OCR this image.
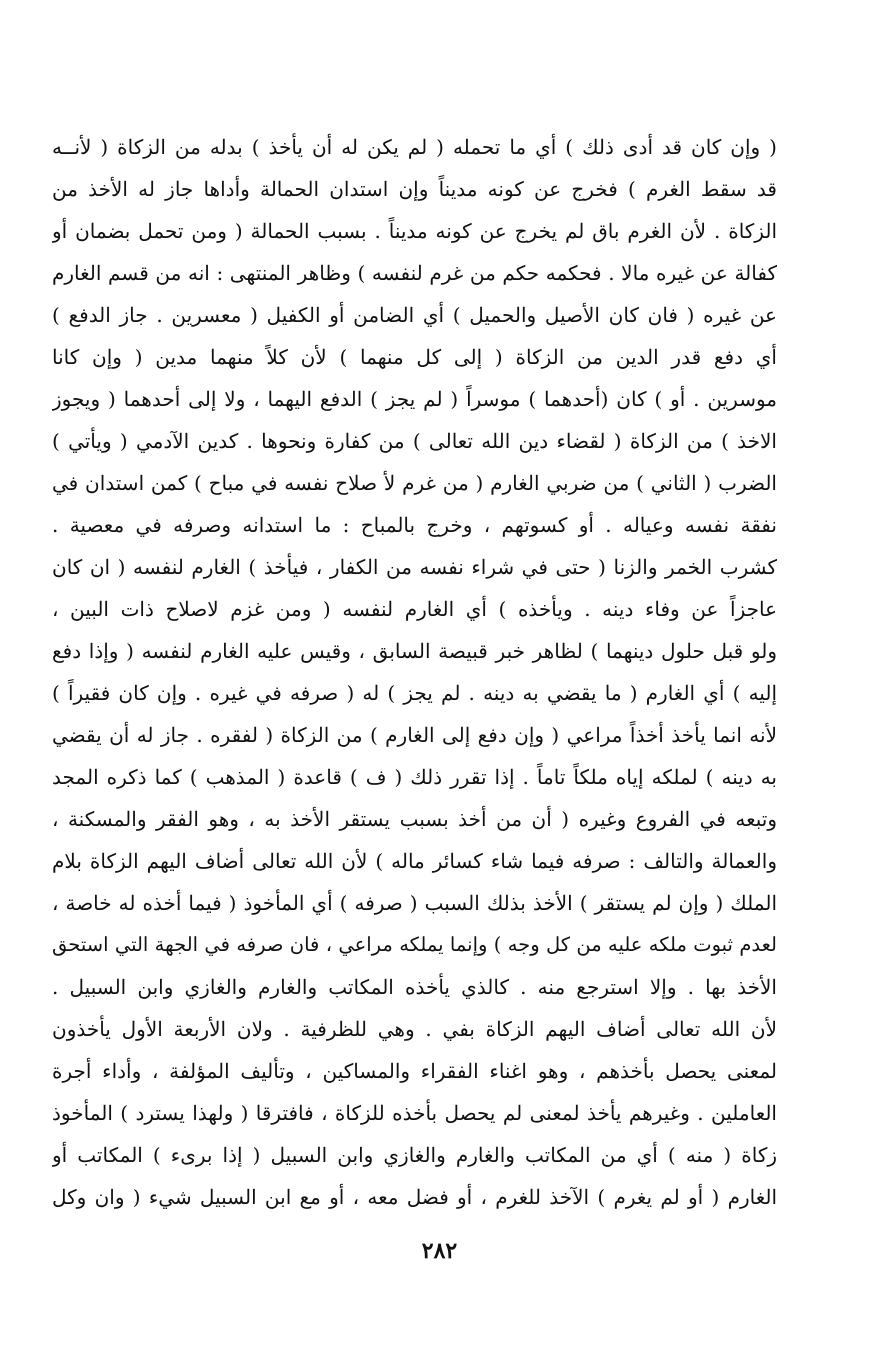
( وإن كان قد أدى ذلك ) أي ما تحمله ( لم يكن له أن يأخذ ) بدله من الزكاة ( لأنــه
قد سقط الغرم ) فخرج عن كونه مديناً وإن استدان الحمالة وأداها جاز له الأخذ من
الزكاة . لأن الغرم باق لم يخرج عن كونه مديناً . بسبب الحمالة ( ومن تحمل بضمان أو
كفالة عن غيره مالا . فحكمه حكم من غرم لنفسه ) وظاهر المنتهى : انه من قسم الغارم
عن غيره ( فان كان الأصيل والحميل ) أي الضامن أو الكفيل ( معسرين . جاز الدفع )
أي دفع قدر الدين من الزكاة ( إلى كل منهما ) لأن كلاً منهما مدين ( وإن كانا
موسرين . أو ) كان (أحدهما ) موسراً ( لم يجز ) الدفع اليهما ، ولا إلى أحدهما ( ويجوز
الاخذ ) من الزكاة ( لقضاء دين الله تعالى ) من كفارة ونحوها . كدين الآدمي ( ويأتي )
الضرب ( الثاني ) من ضربي الغارم ( من غرم لأ صلاح نفسه في مباح ) كمن استدان في
نفقة نفسه وعياله . أو كسوتهم ، وخرج بالمباح : ما استدانه وصرفه في معصية .
كشرب الخمر والزنا ( حتى في شراء نفسه من الكفار ، فيأخذ ) الغارم لنفسه ( ان كان
عاجزاً عن وفاء دينه . ويأخذه ) أي الغارم لنفسه ( ومن غزم لاصلاح ذات البين ،
ولو قبل حلول دينهما ) لظاهر خبر قبيصة السابق ، وقيس عليه الغارم لنفسه ( وإذا دفع
إليه ) أي الغارم ( ما يقضي به دينه . لم يجز ) له ( صرفه في غيره . وإن كان فقيراً )
لأنه انما يأخذ أخذاً مراعي ( وإن دفع إلى الغارم ) من الزكاة ( لفقره . جاز له أن يقضي
به دينه ) لملكه إياه ملكاً تاماً . إذا تقرر ذلك ( ف ) قاعدة ( المذهب ) كما ذكره المجد
وتبعه في الفروع وغيره ( أن من أخذ بسبب يستقر الأخذ به ، وهو الفقر والمسكنة ،
والعمالة والتالف : صرفه فيما شاء كسائر ماله ) لأن الله تعالى أضاف اليهم الزكاة بلام
الملك ( وإن لم يستقر ) الأخذ بذلك السبب ( صرفه ) أي المأخوذ ( فيما أخذه له خاصة ،
لعدم ثبوت ملكه عليه من كل وجه ) وإنما يملكه مراعي ، فان صرفه في الجهة التي استحق
الأخذ بها . وإلا استرجع منه . كالذي يأخذه المكاتب والغارم والغازي وابن السبيل .
لأن الله تعالى أضاف اليهم الزكاة بفي . وهي للظرفية . ولان الأربعة الأول يأخذون
لمعنى يحصل بأخذهم ، وهو اغناء الفقراء والمساكين ، وتأليف المؤلفة ، وأداء أجرة
العاملين . وغيرهم يأخذ لمعنى لم يحصل بأخذه للزكاة ، فافترقا ( ولهذا يسترد ) المأخوذ
زكاة ( منه ) أي من المكاتب والغارم والغازي وابن السبيل ( إذا برىء ) المكاتب أو
الغارم ( أو لم يغرم ) الآخذ للغرم ، أو فضل معه ، أو مع ابن السبيل شيء ( وان وكل
٢٨٢
